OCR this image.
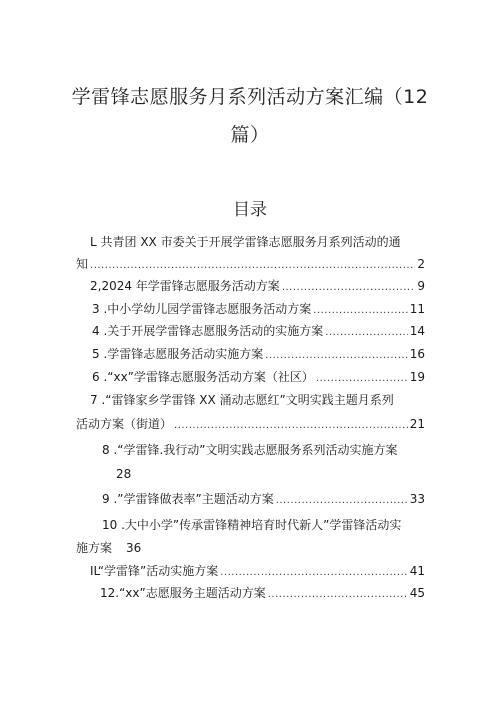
学雷锋志愿服务月系列活动方案汇编（12
篇）
目录
L 共青团 XX 市委关于开展学雷锋志愿服务月系列活动的通
知 .....	2
2,2024 年学雷锋志愿服务活动方案 .....	9
3 .中小学幼儿园学雷锋志愿服务活动方案 .....	11
4 .关于开展学雷锋志愿服务活动的实施方案 .....	14
5 .学雷锋志愿服务活动实施方案 .....	16
6 .“xx”学雷锋志愿服务活动方案（社区） .....	19
7 .“雷锋家乡学雷锋 XX 涌动志愿红”文明实践主题月系列
活动方案（街道） .....	21
8 .“学雷锋.我行动”文明实践志愿服务系列活动实施方案
28
9 .”学雷锋做表率”主题活动方案 .....	33
10 .大中小学”传承雷锋精神培育时代新人”学雷锋活动实
施方案 36
IL“学雷锋”活动实施方案 .....	41
12.“xx”志愿服务主题活动方案 .....	45
